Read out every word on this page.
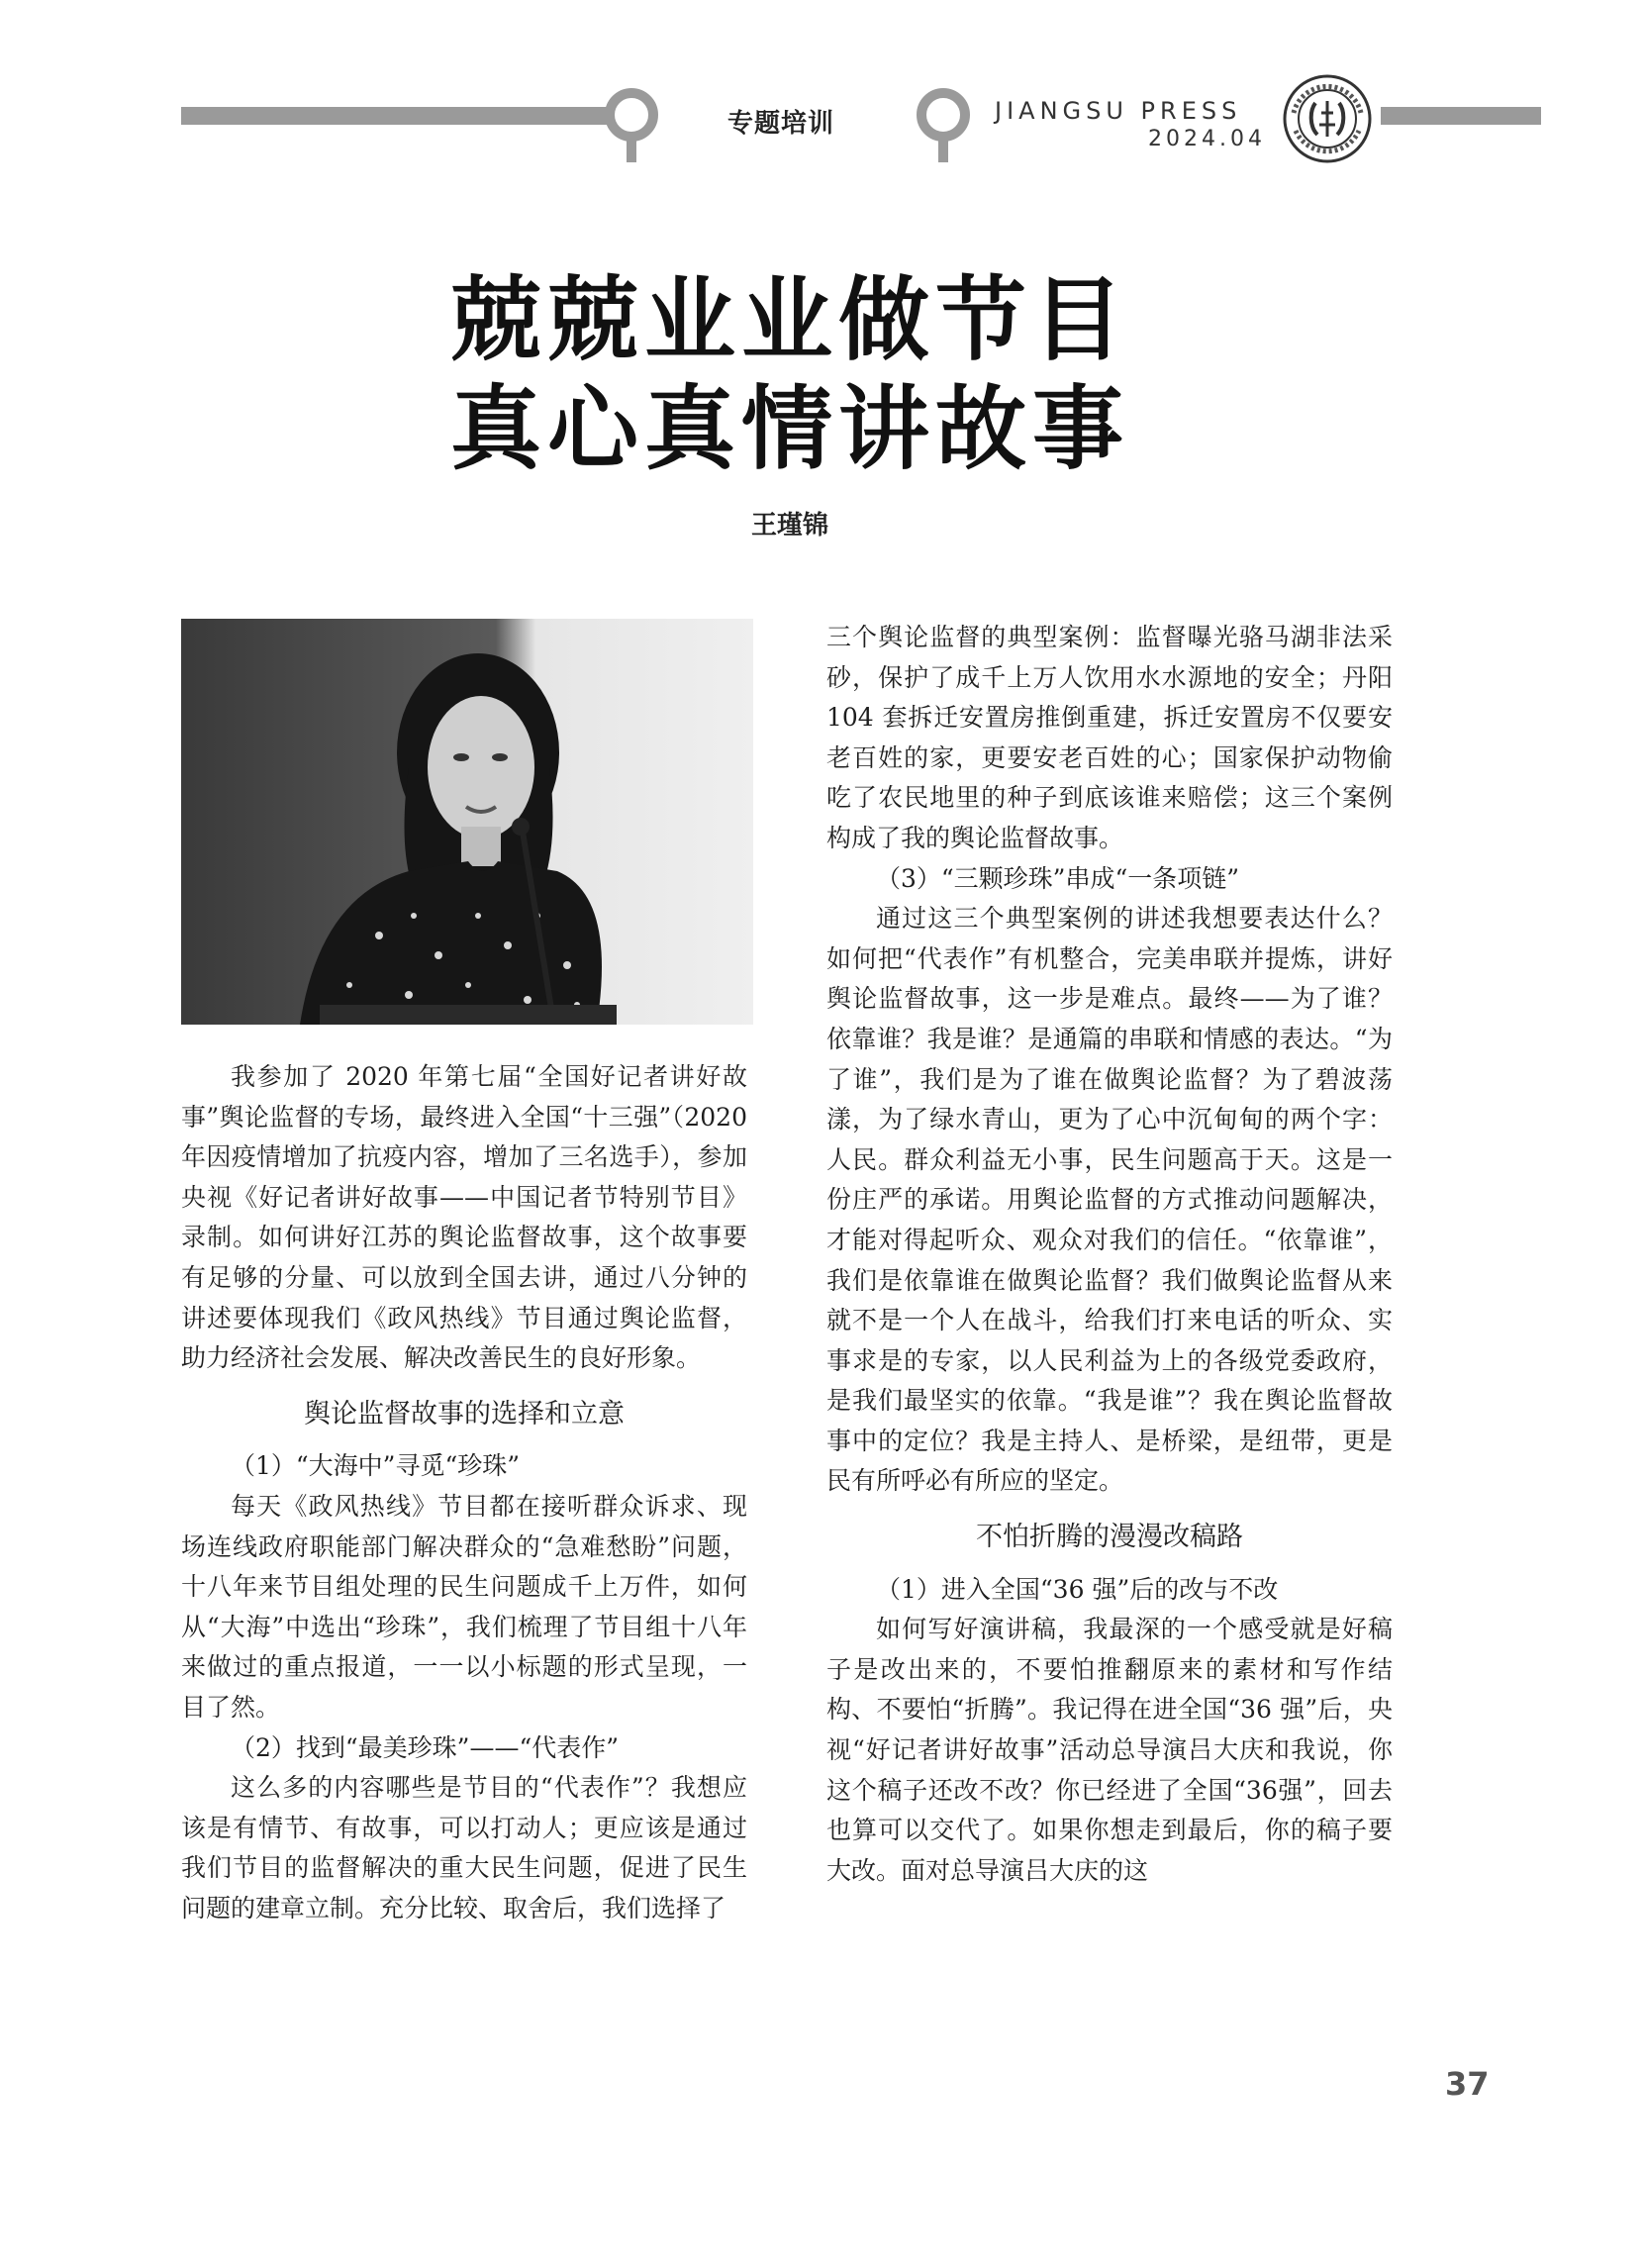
专题培训	JIANGSU PRESS
2024.04
兢兢业业做节目
真心真情讲故事
王瑾锦

我参加了 2020 年第七届“全国好记者讲好故事”舆论监督的专场，最终进入全国“十三强”（2020 年因疫情增加了抗疫内容，增加了三名选手），参加央视《好记者讲好故事——中国记者节特别节目》录制。如何讲好江苏的舆论监督故事，这个故事要有足够的分量、可以放到全国去讲，通过八分钟的讲述要体现我们《政风热线》节目通过舆论监督，助力经济社会发展、解决改善民生的良好形象。

舆论监督故事的选择和立意

（1）“大海中”寻觅“珍珠”

每天《政风热线》节目都在接听群众诉求、现场连线政府职能部门解决群众的“急难愁盼”问题，十八年来节目组处理的民生问题成千上万件，如何从“大海”中选出“珍珠”，我们梳理了节目组十八年来做过的重点报道，一一以小标题的形式呈现，一目了然。

（2）找到“最美珍珠”——“代表作”

这么多的内容哪些是节目的“代表作”？我想应该是有情节、有故事，可以打动人；更应该是通过我们节目的监督解决的重大民生问题，促进了民生问题的建章立制。充分比较、取舍后，我们选择了

三个舆论监督的典型案例：监督曝光骆马湖非法采砂，保护了成千上万人饮用水水源地的安全；丹阳 104 套拆迁安置房推倒重建，拆迁安置房不仅要安老百姓的家，更要安老百姓的心；国家保护动物偷吃了农民地里的种子到底该谁来赔偿；这三个案例构成了我的舆论监督故事。

（3）“三颗珍珠”串成“一条项链”

通过这三个典型案例的讲述我想要表达什么？如何把“代表作”有机整合，完美串联并提炼，讲好舆论监督故事，这一步是难点。最终——为了谁？依靠谁？我是谁？是通篇的串联和情感的表达。“为了谁”，我们是为了谁在做舆论监督？为了碧波荡漾，为了绿水青山，更为了心中沉甸甸的两个字：人民。群众利益无小事，民生问题高于天。这是一份庄严的承诺。用舆论监督的方式推动问题解决，才能对得起听众、观众对我们的信任。“依靠谁”，我们是依靠谁在做舆论监督？我们做舆论监督从来就不是一个人在战斗，给我们打来电话的听众、实事求是的专家，以人民利益为上的各级党委政府，是我们最坚实的依靠。“我是谁”？我在舆论监督故事中的定位？我是主持人、是桥梁，是纽带，更是民有所呼必有所应的坚定。

不怕折腾的漫漫改稿路

（1）进入全国“36 强”后的改与不改

如何写好演讲稿，我最深的一个感受就是好稿子是改出来的，不要怕推翻原来的素材和写作结构、不要怕“折腾”。我记得在进全国“36 强”后，央视“好记者讲好故事”活动总导演吕大庆和我说，你这个稿子还改不改？你已经进了全国“36强”，回去也算可以交代了。如果你想走到最后，你的稿子要大改。面对总导演吕大庆的这

37
